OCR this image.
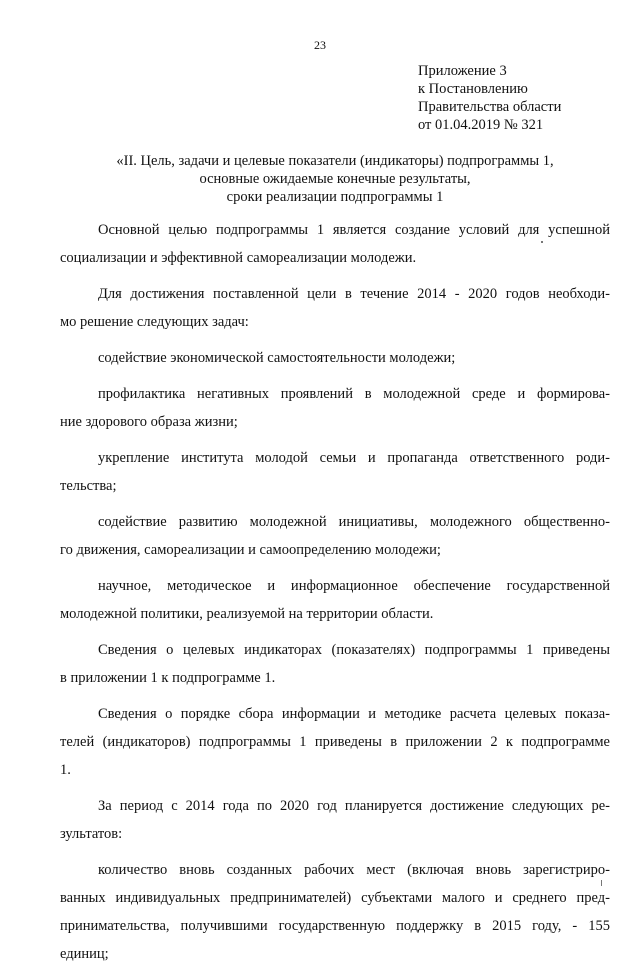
23
Приложение 3
к Постановлению
Правительства области
от 01.04.2019 № 321
«II. Цель, задачи и целевые показатели (индикаторы) подпрограммы 1,
основные ожидаемые конечные результаты,
сроки реализации подпрограммы 1

Основной целью подпрограммы 1 является создание условий для успешной
социализации и эффективной самореализации молодежи.

Для достижения поставленной цели в течение 2014 - 2020 годов необходи-
мо решение следующих задач:

содействие экономической самостоятельности молодежи;

профилактика негативных проявлений в молодежной среде и формирова-
ние здорового образа жизни;

укрепление института молодой семьи и пропаганда ответственного роди-
тельства;

содействие развитию молодежной инициативы, молодежного общественно-
го движения, самореализации и самоопределению молодежи;

научное, методическое и информационное обеспечение государственной
молодежной политики, реализуемой на территории области.

Сведения о целевых индикаторах (показателях) подпрограммы 1 приведены
в приложении 1 к подпрограмме 1.

Сведения о порядке сбора информации и методике расчета целевых показа-
телей (индикаторов) подпрограммы 1 приведены в приложении 2 к подпрограмме
1.

За период с 2014 года по 2020 год планируется достижение следующих ре-
зультатов:

количество вновь созданных рабочих мест (включая вновь зарегистриро-
ванных индивидуальных предпринимателей) субъектами малого и среднего пред-
принимательства, получившими государственную поддержку в 2015 году, - 155
единиц;
